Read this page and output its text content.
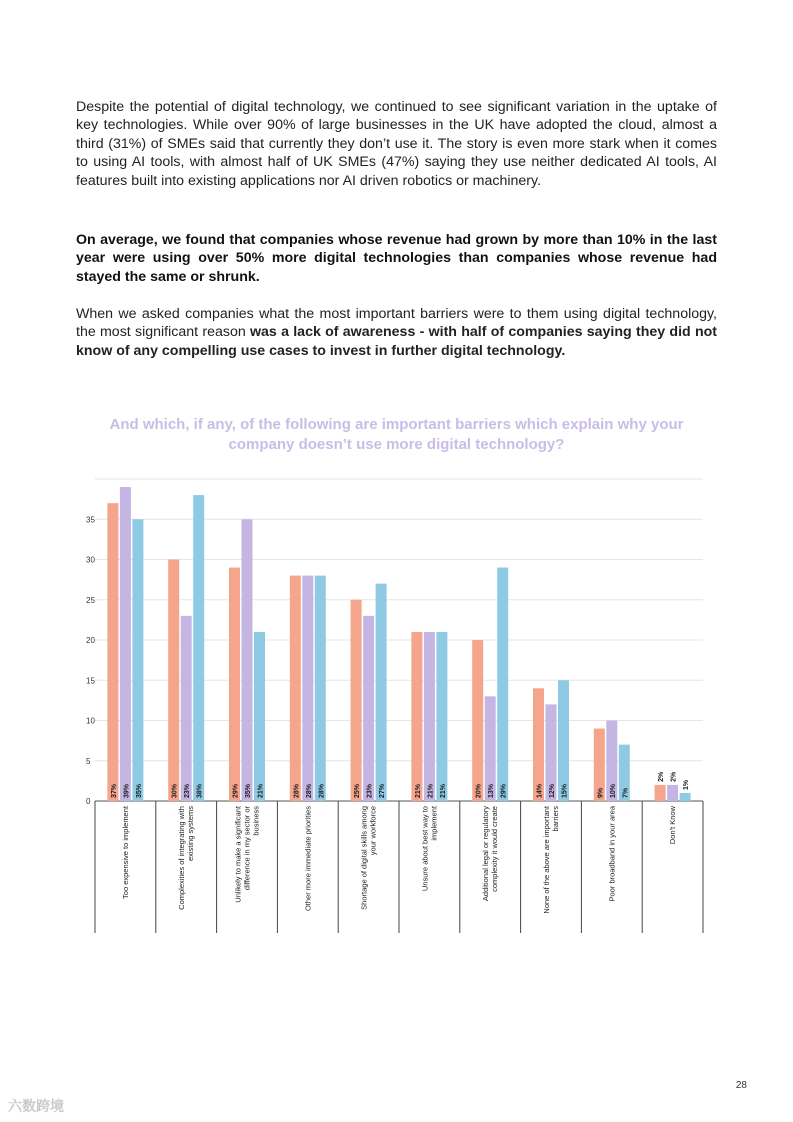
Despite the potential of digital technology, we continued to see significant variation in the uptake of key technologies. While over 90% of large businesses in the UK have adopted the cloud, almost a third (31%) of SMEs said that currently they don’t use it. The story is even more stark when it comes to using AI tools, with almost half of UK SMEs (47%) saying they use neither dedicated AI tools, AI features built into existing applications nor AI driven robotics or machinery.

On average, we found that companies whose revenue had grown by more than 10% in the last year were using over 50% more digital technologies than companies whose revenue had stayed the same or shrunk.

When we asked companies what the most important barriers were to them using digital technology, the most significant reason was a lack of awareness - with half of companies saying they did not know of any compelling use cases to invest in further digital technology.

And which, if any, of the following are important barriers which explain why your company doesn’t use more digital technology?
0
5
10
15
20
25
30
35
37% 39% 35%
Too expensive to implement
30% 23% 38%
Complexities of integrating with existing systems
29% 35% 21%
Unlikely to make a significant difference in my sector or business
28% 28% 28%
Other more immediate priorities
25% 23% 27%
Shortage of digital skills among your workforce
21% 21% 21%
Unsure about best way to implement
20% 13% 29%
Additional legal or regulatory complexity it would create
14% 12% 15%
None of the above are important barriers
9% 10% 7%
Poor broadband in your area
2% 2%
1%
Don't Know
28
六数跨境
